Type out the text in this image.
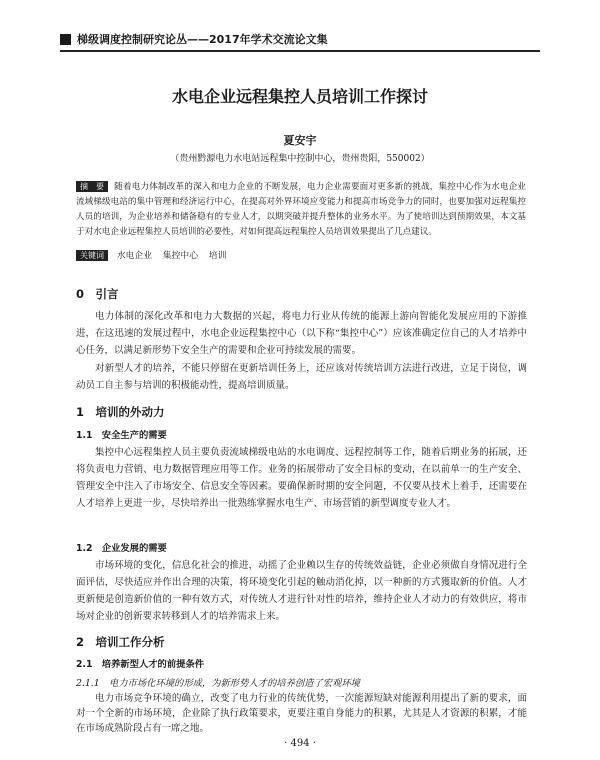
梯级调度控制研究论丛——2017年学术交流论文集
水电企业远程集控人员培训工作探讨
夏安宇
（贵州黔源电力水电站远程集中控制中心，贵州贵阳，550002）
摘　要 随着电力体制改革的深入和电力企业的不断发展，电力企业需要面对更多新的挑战，集控中心作为水电企业流域梯级电站的集中管理和经济运行中心，在提高对外界环境应变能力和提高市场竞争力的同时，也要加强对远程集控人员的培训，为企业培养和储备稳有的专业人才，以期突破并提升整体的业务水平。为了使培训达到预期效果，本文基于对水电企业远程集控人员培训的必要性，对如何提高远程集控人员培训效果提出了几点建议。
关键词 水电企业 集控中心 培训
0　引言
电力体制的深化改革和电力大数据的兴起，将电力行业从传统的能源上游向智能化发展应用的下游推进，在这迅速的发展过程中，水电企业远程集控中心（以下称“集控中心”）应该准确定位自己的人才培养中心任务，以满足新形势下安全生产的需要和企业可持续发展的需要。
对新型人才的培养，不能只停留在更新培训任务上，还应该对传统培训方法进行改进，立足于岗位，调动员工自主参与培训的积极能动性，提高培训质量。
1　培训的外动力
1.1　安全生产的需要
集控中心远程集控人员主要负责流域梯级电站的水电调度、远程控制等工作，随着后期业务的拓展，还将负责电力营销、电力数据管理应用等工作。业务的拓展带动了安全目标的变动，在以前单一的生产安全、管理安全中注入了市场安全、信息安全等因素。要确保新时期的安全问题，不仅要从技术上着手，还需要在人才培养上更进一步，尽快培养出一批熟练掌握水电生产、市场营销的新型调度专业人才。
1.2　企业发展的需要
市场环境的变化，信息化社会的推进，动摇了企业赖以生存的传统效益链，企业必须做自身情况进行全面评估，尽快适应并作出合理的决策，将环境变化引起的触动消化掉，以一种新的方式獲取新的价值。人才更新便是创造新价值的一种有效方式，对传统人才进行针对性的培养，维持企业人才动力的有效供应，将市场对企业的创新要求转移到人才的培养需求上来。
2　培训工作分析
2.1　培养新型人才的前提条件
2.1.1　电力市场化环境的形成，为新形势人才的培养创造了宏观环境
电力市场竞争环境的确立，改变了电力行业的传统优势，一次能源短缺对能源利用提出了新的要求，面对一个全新的市场环境，企业除了执行政策要求，更要注重自身能力的积累，尤其是人才资源的积累，才能在市场成熟阶段占有一席之地。
· 494 ·
